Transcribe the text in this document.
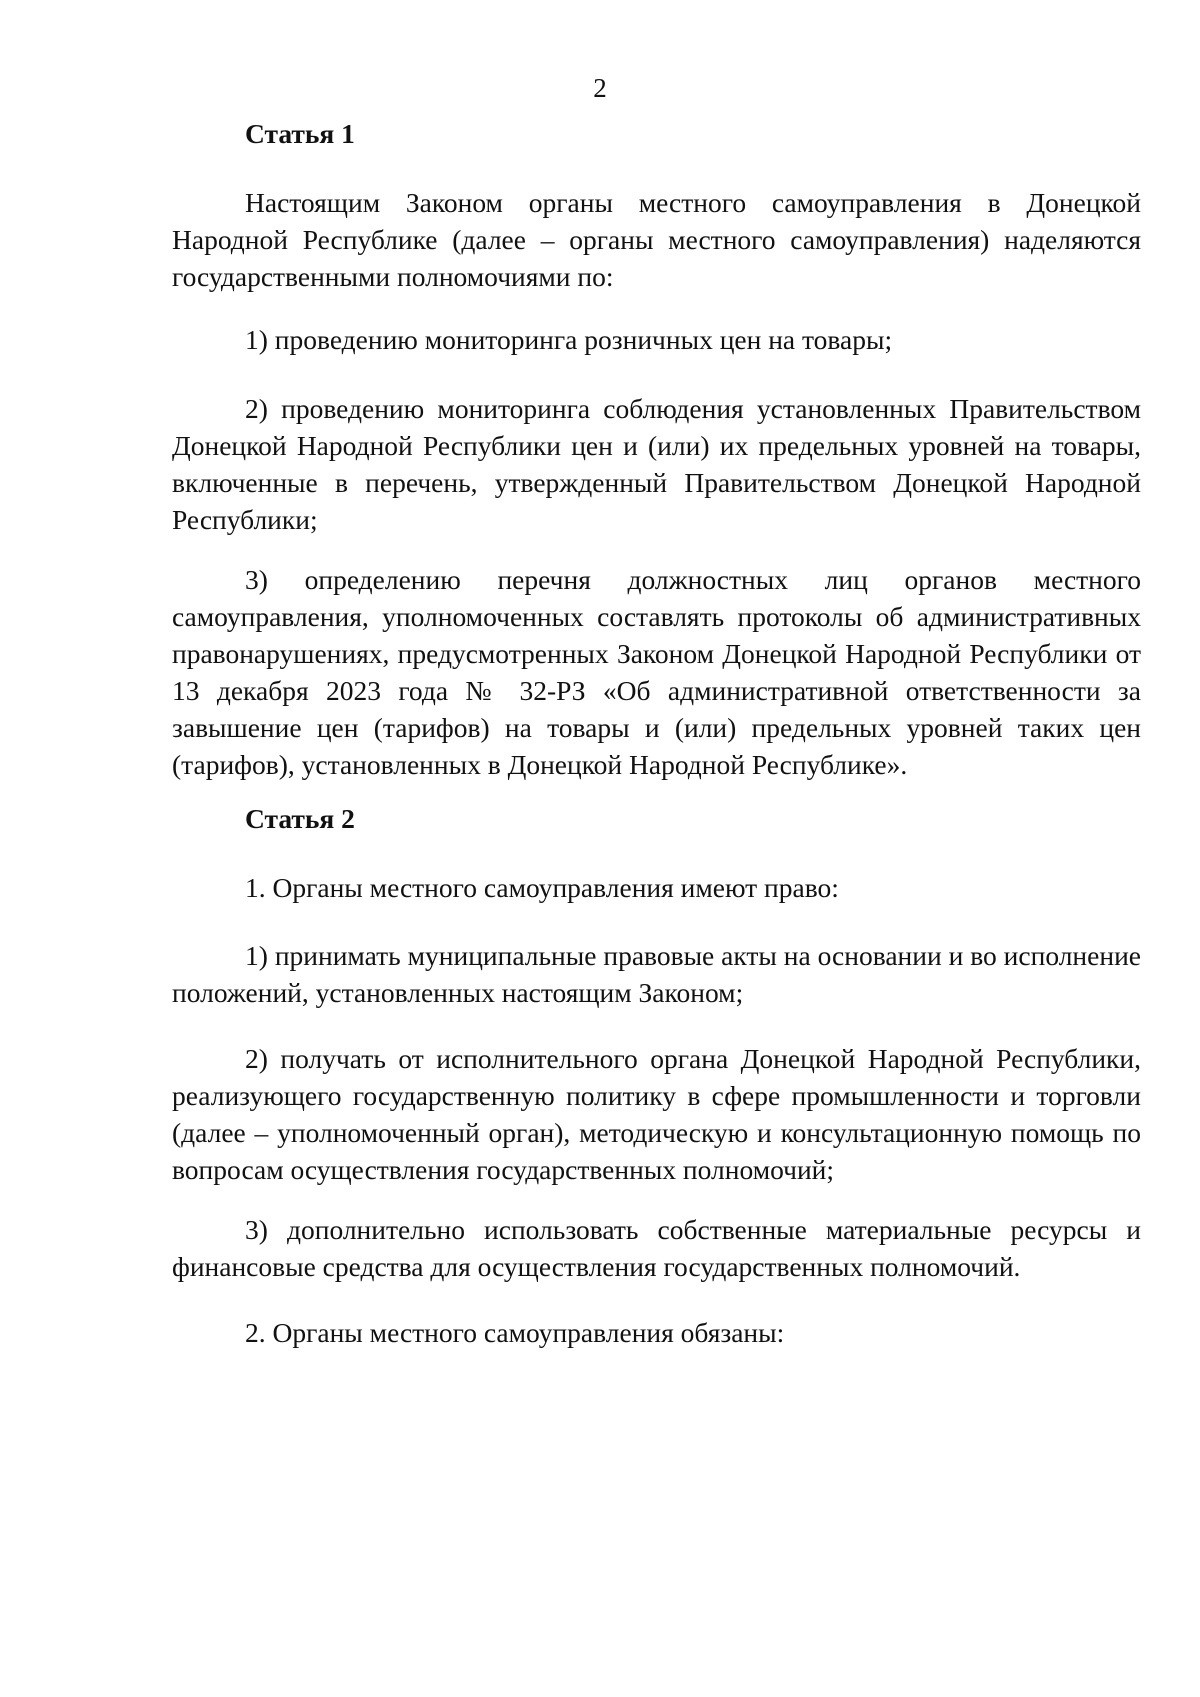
2
Статья 1

Настоящим Законом органы местного самоуправления в Донецкой Народной Республике (далее – органы местного самоуправления) наделяются государственными полномочиями по:

1) проведению мониторинга розничных цен на товары;

2) проведению мониторинга соблюдения установленных Правительством Донецкой Народной Республики цен и (или) их предельных уровней на товары, включенные в перечень, утвержденный Правительством Донецкой Народной Республики;

3) определению перечня должностных лиц органов местного самоуправления, уполномоченных составлять протоколы об административных правонарушениях, предусмотренных Законом Донецкой Народной Республики от 13 декабря 2023 года № 32-РЗ «Об административной ответственности за завышение цен (тарифов) на товары и (или) предельных уровней таких цен (тарифов), установленных в Донецкой Народной Республике».

Статья 2

1. Органы местного самоуправления имеют право:

1) принимать муниципальные правовые акты на основании и во исполнение положений, установленных настоящим Законом;

2) получать от исполнительного органа Донецкой Народной Республики, реализующего государственную политику в сфере промышленности и торговли (далее – уполномоченный орган), методическую и консультационную помощь по вопросам осуществления государственных полномочий;

3) дополнительно использовать собственные материальные ресурсы и финансовые средства для осуществления государственных полномочий.

2. Органы местного самоуправления обязаны:
